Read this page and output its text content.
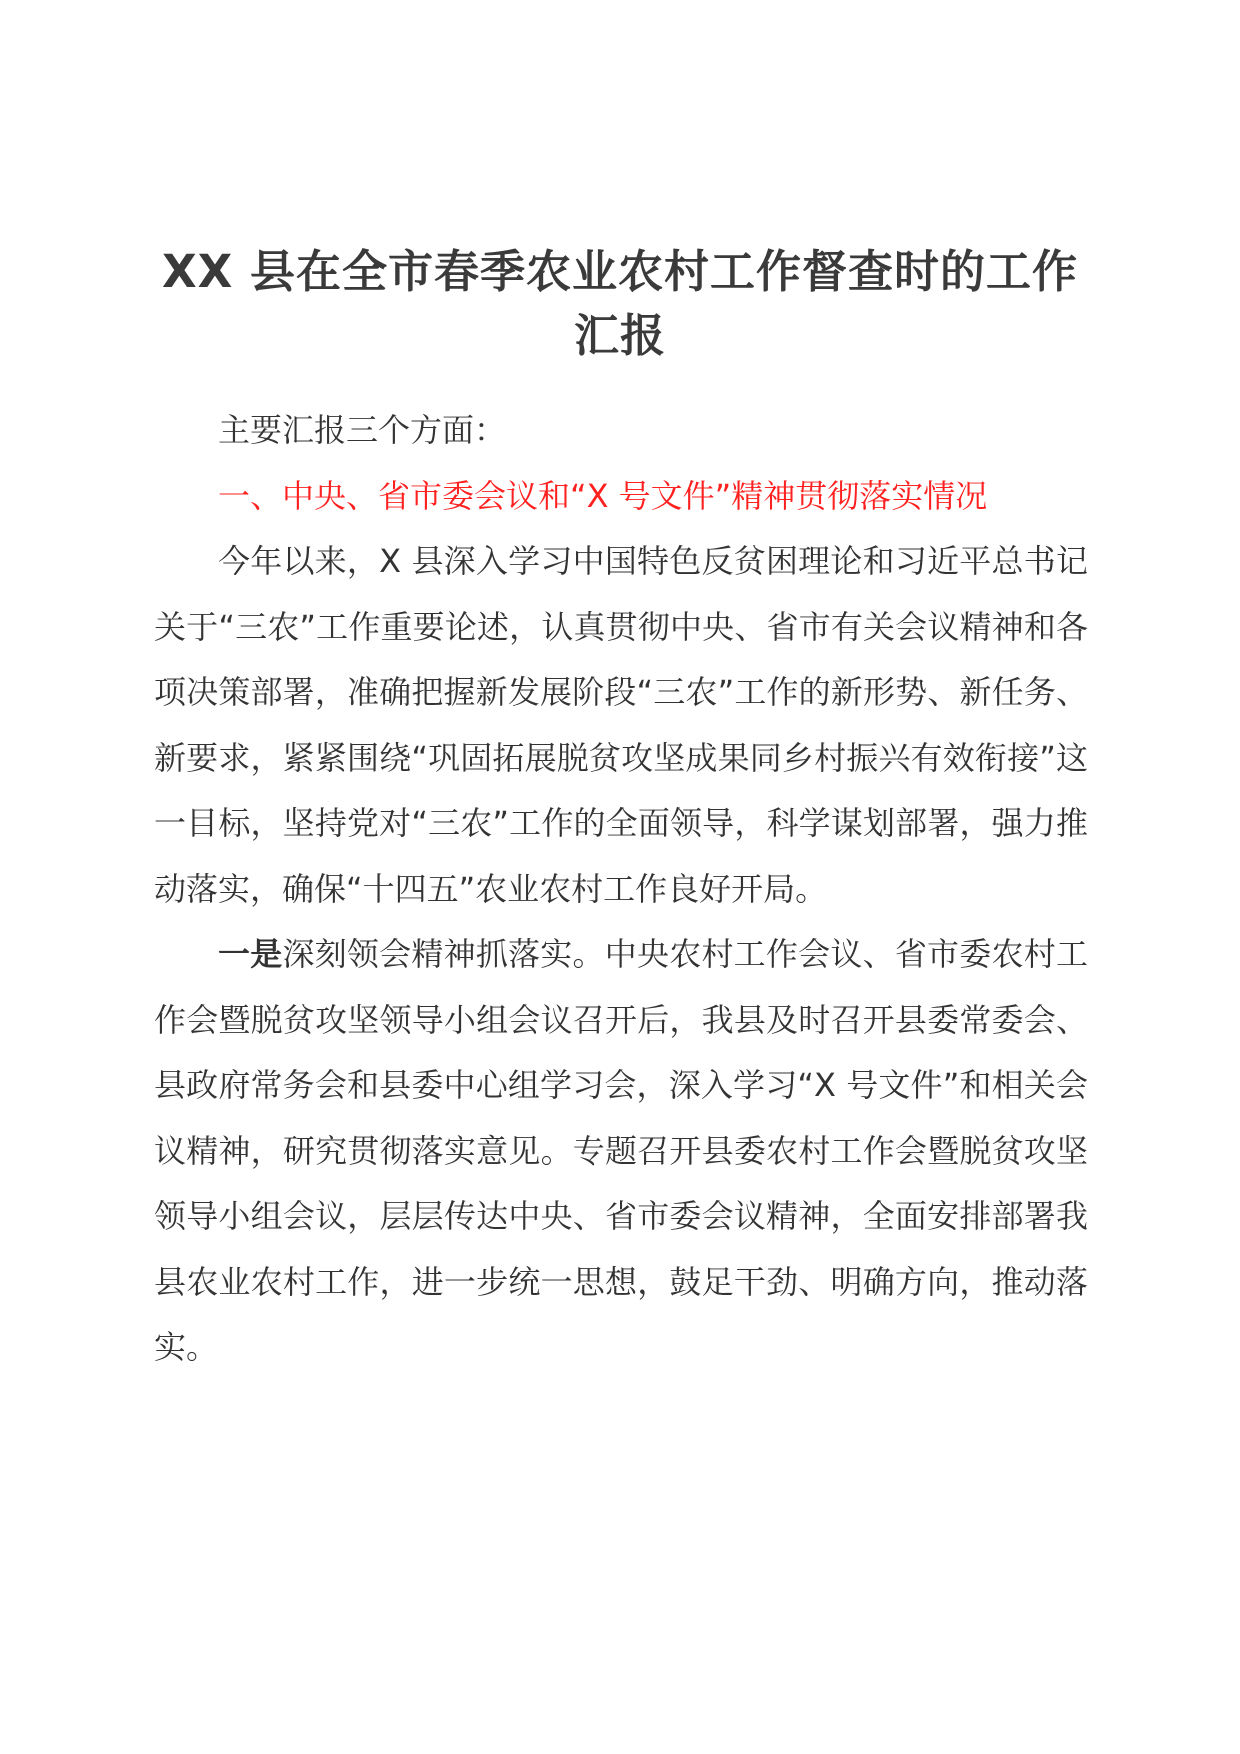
XX 县在全市春季农业农村工作督查时的工作
汇报

主要汇报三个方面：

一、中央、省市委会议和“X 号文件”精神贯彻落实情况

今年以来，X 县深入学习中国特色反贫困理论和习近平总书记关于“三农”工作重要论述，认真贯彻中央、省市有关会议精神和各项决策部署，准确把握新发展阶段“三农”工作的新形势、新任务、新要求，紧紧围绕“巩固拓展脱贫攻坚成果同乡村振兴有效衔接”这一目标，坚持党对“三农”工作的全面领导，科学谋划部署，强力推动落实，确保“十四五”农业农村工作良好开局。

一是深刻领会精神抓落实。中央农村工作会议、省市委农村工作会暨脱贫攻坚领导小组会议召开后，我县及时召开县委常委会、县政府常务会和县委中心组学习会，深入学习“X 号文件”和相关会议精神，研究贯彻落实意见。专题召开县委农村工作会暨脱贫攻坚领导小组会议，层层传达中央、省市委会议精神，全面安排部署我县农业农村工作，进一步统一思想，鼓足干劲、明确方向，推动落实。
